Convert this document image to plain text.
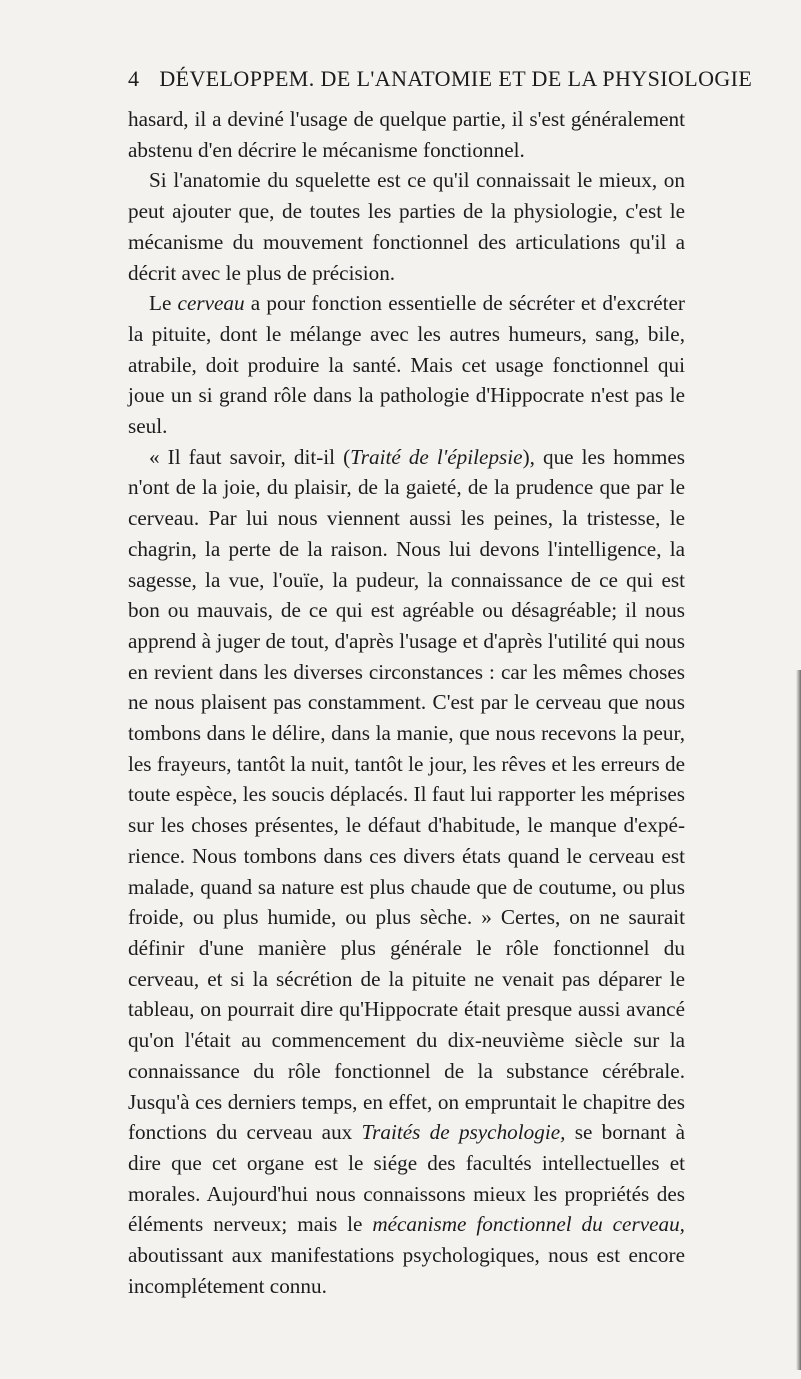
4 DÉVELOPPEM. DE L'ANATOMIE ET DE LA PHYSIOLOGIE

hasard, il a deviné l'usage de quelque partie, il s'est généralement abstenu d'en décrire le mécanisme fonctionnel.

Si l'anatomie du squelette est ce qu'il connaissait le mieux, on peut ajouter que, de toutes les parties de la physiologie, c'est le mécanisme du mouvement fonctionnel des articulations qu'il a décrit avec le plus de précision.

Le cerveau a pour fonction essentielle de sécréter et d'excréter la pituite, dont le mélange avec les autres humeurs, sang, bile, atrabile, doit produire la santé. Mais cet usage fonctionnel qui joue un si grand rôle dans la pathologie d'Hippocrate n'est pas le seul.

« Il faut savoir, dit-il (Traité de l'épilepsie), que les hommes n'ont de la joie, du plaisir, de la gaieté, de la prudence que par le cerveau. Par lui nous viennent aussi les peines, la tristesse, le chagrin, la perte de la raison. Nous lui devons l'intelligence, la sagesse, la vue, l'ouïe, la pudeur, la connaissance de ce qui est bon ou mauvais, de ce qui est agréable ou désagréable; il nous apprend à juger de tout, d'après l'usage et d'après l'utilité qui nous en revient dans les diverses circonstances : car les mêmes choses ne nous plaisent pas constamment. C'est par le cerveau que nous tombons dans le délire, dans la manie, que nous recevons la peur, les frayeurs, tantôt la nuit, tantôt le jour, les rêves et les erreurs de toute espèce, les soucis déplacés. Il faut lui rapporter les méprises sur les choses présentes, le défaut d'habitude, le manque d'expérience. Nous tombons dans ces divers états quand le cerveau est malade, quand sa nature est plus chaude que de coutume, ou plus froide, ou plus humide, ou plus sèche. » Certes, on ne saurait définir d'une manière plus générale le rôle fonctionnel du cerveau, et si la sécrétion de la pituite ne venait pas déparer le tableau, on pourrait dire qu'Hippocrate était presque aussi avancé qu'on l'était au commencement du dix-neuvième siècle sur la connaissance du rôle fonctionnel de la substance cérébrale. Jusqu'à ces derniers temps, en effet, on empruntait le chapitre des fonctions du cerveau aux Traités de psychologie, se bornant à dire que cet organe est le siége des facultés intellectuelles et morales. Aujourd'hui nous connaissons mieux les propriétés des éléments nerveux; mais le mécanisme fonctionnel du cerveau, aboutissant aux manifestations psychologiques, nous est encore incomplétement connu.
